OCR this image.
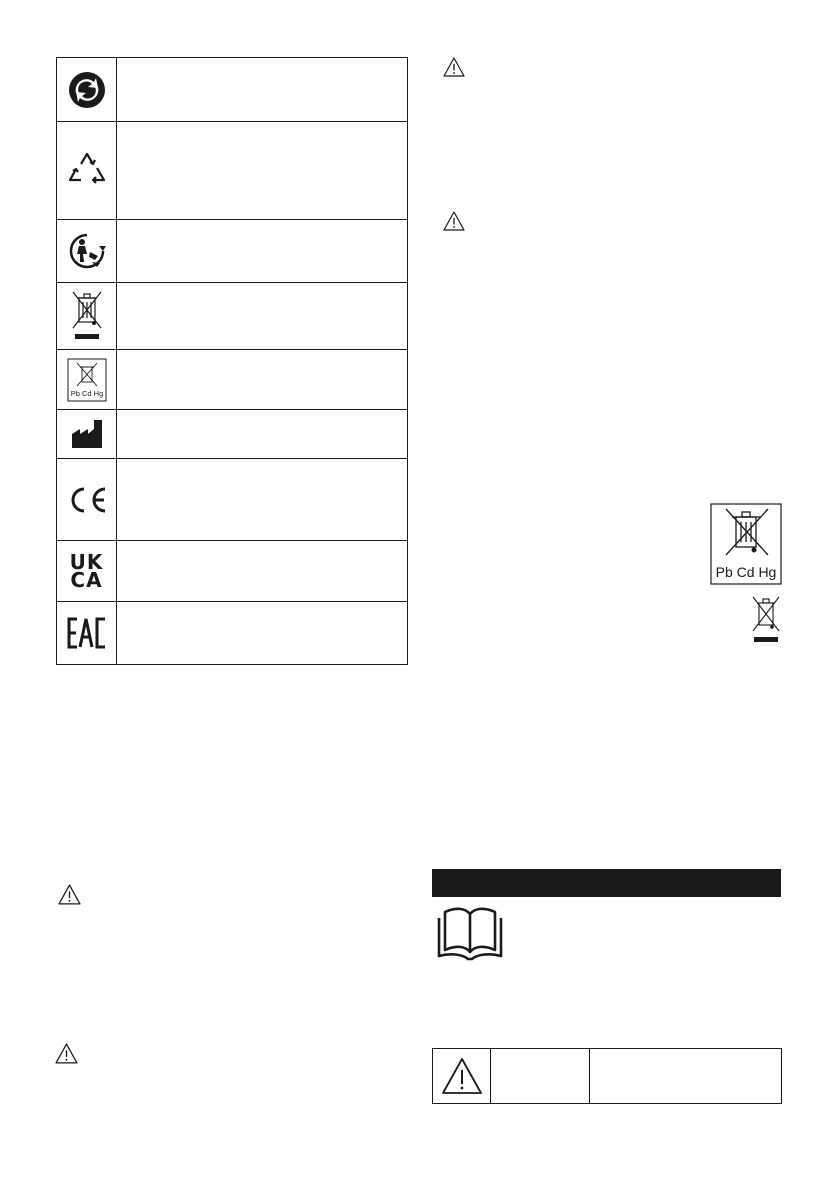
Pb Cd Hg	

UK
CA	

		Pb Cd Hg
